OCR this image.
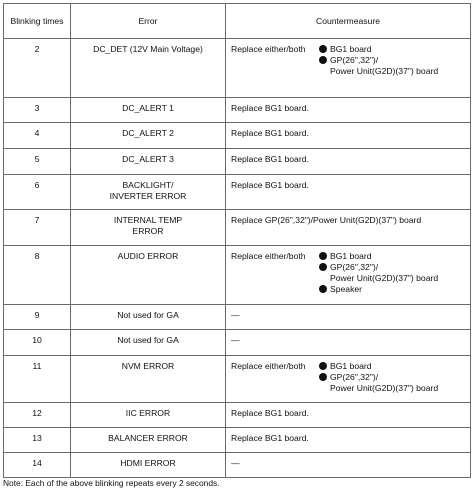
Blinking times	Error	Countermeasure
2	DC_DET (12V Main Voltage)	Replace either/both BG1 board
GP(26",32")/
Power Unit(G2D)(37") board

3	DC_ALERT 1	Replace BG1 board.

4	DC_ALERT 2	Replace BG1 board.

5	DC_ALERT 3	Replace BG1 board.

6	BACKLIGHT/
INVERTER ERROR	Replace BG1 board.

7	INTERNAL TEMP
ERROR	Replace GP(26",32")/Power Unit(G2D)(37") board

8	AUDIO ERROR	Replace either/both BG1 board
GP(26",32")/
Power Unit(G2D)(37") board
Speaker

9	Not used for GA	—

10	Not used for GA	—

11	NVM ERROR	Replace either/both BG1 board
GP(26",32")/
Power Unit(G2D)(37") board

12	IIC ERROR	Replace BG1 board.

13	BALANCER ERROR	Replace BG1 board.

14	HDMI ERROR	—
Note: Each of the above blinking repeats every 2 seconds.
